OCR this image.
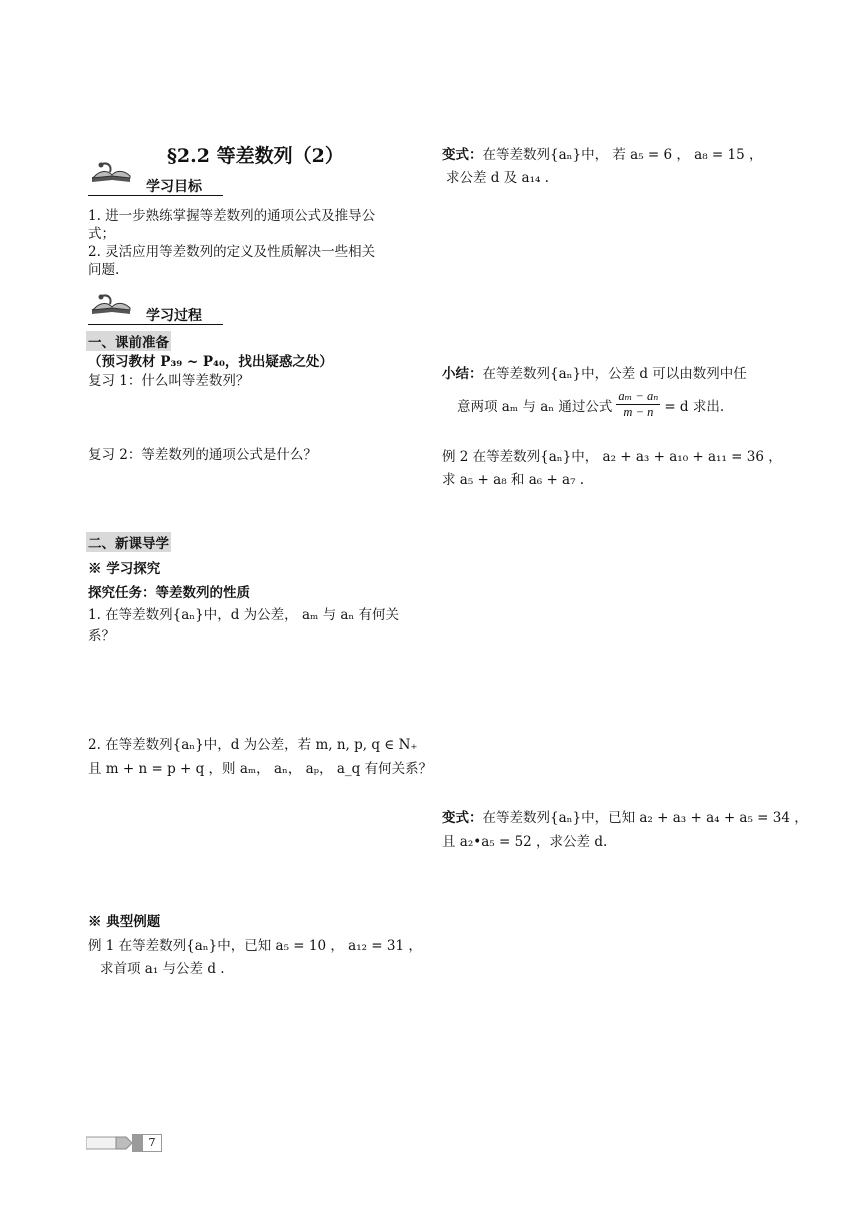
§2.2 等差数列（2）
学习目标
1. 进一步熟练掌握等差数列的通项公式及推导公
式；
2. 灵活应用等差数列的定义及性质解决一些相关
问题.
学习过程
一、课前准备
（预习教材 P₃₉ ~ P₄₀，找出疑惑之处）
复习 1：什么叫等差数列？
复习 2：等差数列的通项公式是什么？
二、新课导学
※ 学习探究
探究任务：等差数列的性质
1. 在等差数列{aₙ}中，d 为公差， aₘ 与 aₙ 有何关
系？
2. 在等差数列{aₙ}中，d 为公差，若 m, n, p, q ∈ N₊
且 m + n = p + q ，则 aₘ， aₙ， aₚ， a_q 有何关系？
※ 典型例题
例 1 在等差数列{aₙ}中，已知 a₅ = 10 ， a₁₂ = 31 ，
求首项 a₁ 与公差 d .
变式：在等差数列{aₙ}中， 若 a₅ = 6 ， a₈ = 15 ，
求公差 d 及 a₁₄ .
小结：在等差数列{aₙ}中，公差 d 可以由数列中任
意两项 aₘ 与 aₙ 通过公式 $\frac{\text{aₘ − aₙ}}{m - n} = d$ 求出.
例 2 在等差数列{aₙ}中， a₂ + a₃ + a₁₀ + a₁₁ = 36 ，
求 a₅ + a₈ 和 a₆ + a₇ .
变式：在等差数列{aₙ}中，已知 a₂ + a₃ + a₄ + a₅ = 34 ，
且 a₂•a₅ = 52 ，求公差 d.
7
